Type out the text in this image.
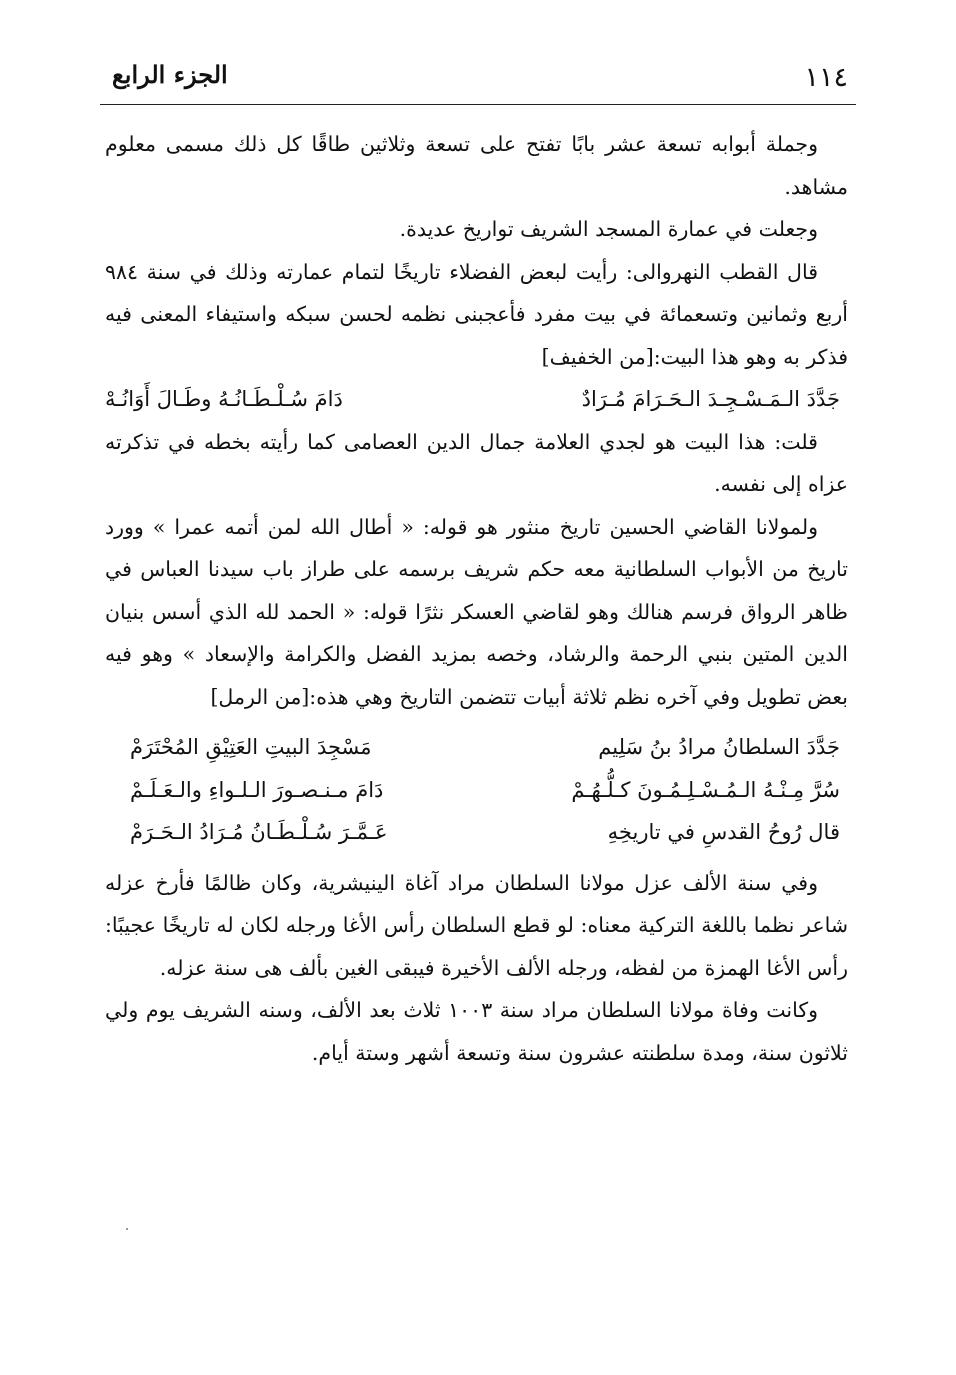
١١٤
الجزء الرابع

وجملة أبوابه تسعة عشر بابًا تفتح على تسعة وثلاثين طاقًا كل ذلك مسمى معلوم مشاهد.

وجعلت في عمارة المسجد الشريف تواريخ عديدة.

قال القطب النهروالى: رأيت لبعض الفضلاء تاريخًا لتمام عمارته وذلك في سنة ٩٨٤ أربع وثمانين وتسعمائة في بيت مفرد فأعجبنى نظمه لحسن سبكه واستيفاء المعنى فيه فذكر به وهو هذا البيت:[من الخفيف]

جَدَّدَ الـمَـسْـجِـدَ الـحَـرَامَ مُـرَادٌ
دَامَ سُـلْـطَـانُـهُ وطَـالَ أَوَانُـهْ

قلت: هذا البيت هو لجدي العلامة جمال الدين العصامى كما رأيته بخطه في تذكرته عزاه إلى نفسه.

ولمولانا القاضي الحسين تاريخ منثور هو قوله: « أطال الله لمن أتمه عمرا » وورد تاريخ من الأبواب السلطانية معه حكم شريف برسمه على طراز باب سيدنا العباس في ظاهر الرواق فرسم هنالك وهو لقاضي العسكر نثرًا قوله: « الحمد لله الذي أسس بنيان الدين المتين بنبي الرحمة والرشاد، وخصه بمزيد الفضل والكرامة والإسعاد » وهو فيه بعض تطويل وفي آخره نظم ثلاثة أبيات تتضمن التاريخ وهي هذه:[من الرمل]

جَدَّدَ السلطانُ مرادُ بنُ سَلِيم
مَسْجِدَ البيتِ العَتِيْقِ المُحْتَرَمْ
سُرَّ مِـنْـهُ الـمُـسْـلِـمُـونَ كـلُّـهُـمْ
دَامَ مـنـصـورَ الـلـواءِ والـعَـلَـمْ
قال رُوحُ القدسِ في تاريخِهِ
عَـمَّـرَ سُـلْـطَـانُ مُـرَادُ الـحَـرَمْ

وفي سنة الألف عزل مولانا السلطان مراد آغاة الينيشرية، وكان ظالمًا فأرخ عزله شاعر نظما باللغة التركية معناه: لو قطع السلطان رأس الأغا ورجله لكان له تاريخًا عجيبًا: رأس الأغا الهمزة من لفظه، ورجله الألف الأخيرة فيبقى الغين بألف هى سنة عزله.

وكانت وفاة مولانا السلطان مراد سنة ١٠٠٣ ثلاث بعد الألف، وسنه الشريف يوم ولي ثلاثون سنة، ومدة سلطنته عشرون سنة وتسعة أشهر وستة أيام.
